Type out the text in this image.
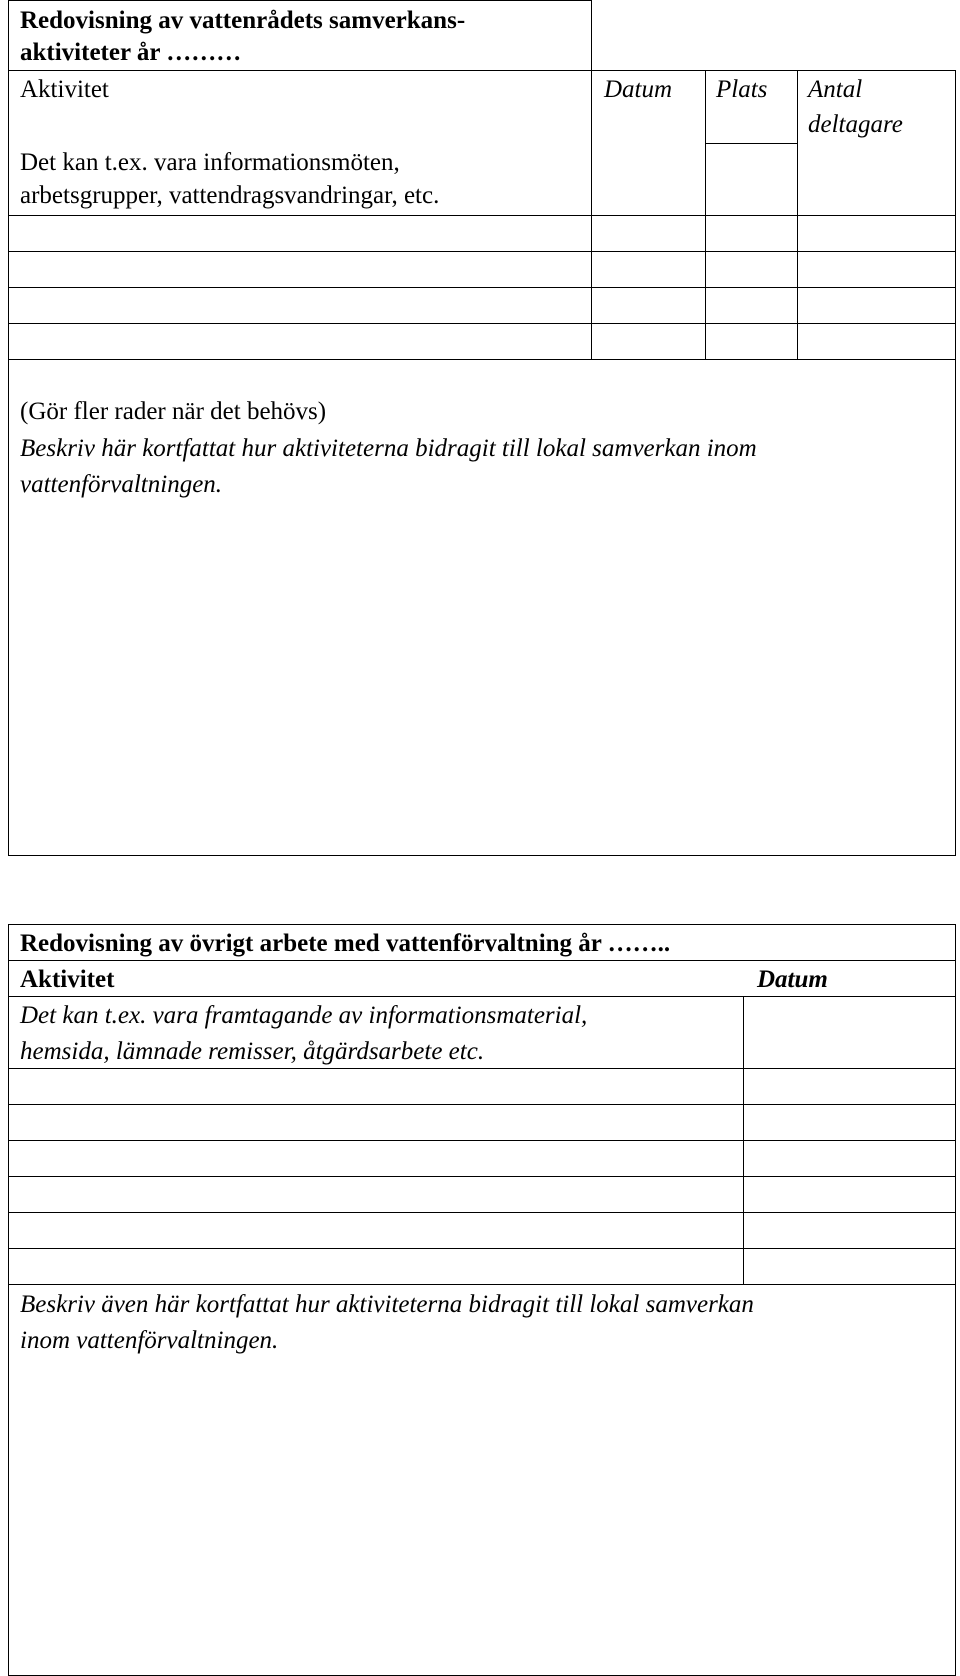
Redovisning av vattenrådets samverkans-
aktiviteter år ………
Aktivitet	Datum Plats Antal
deltagare
Det kan t.ex. vara informationsmöten,
arbetsgrupper, vattendragsvandringar, etc.
(Gör fler rader när det behövs)
Beskriv här kortfattat hur aktiviteterna bidragit till lokal samverkan inom
vattenförvaltningen.
Redovisning av övrigt arbete med vattenförvaltning år ……..
Aktivitet	Datum
Det kan t.ex. vara framtagande av informationsmaterial,
hemsida, lämnade remisser, åtgärdsarbete etc.
Beskriv även här kortfattat hur aktiviteterna bidragit till lokal samverkan
inom vattenförvaltningen.
